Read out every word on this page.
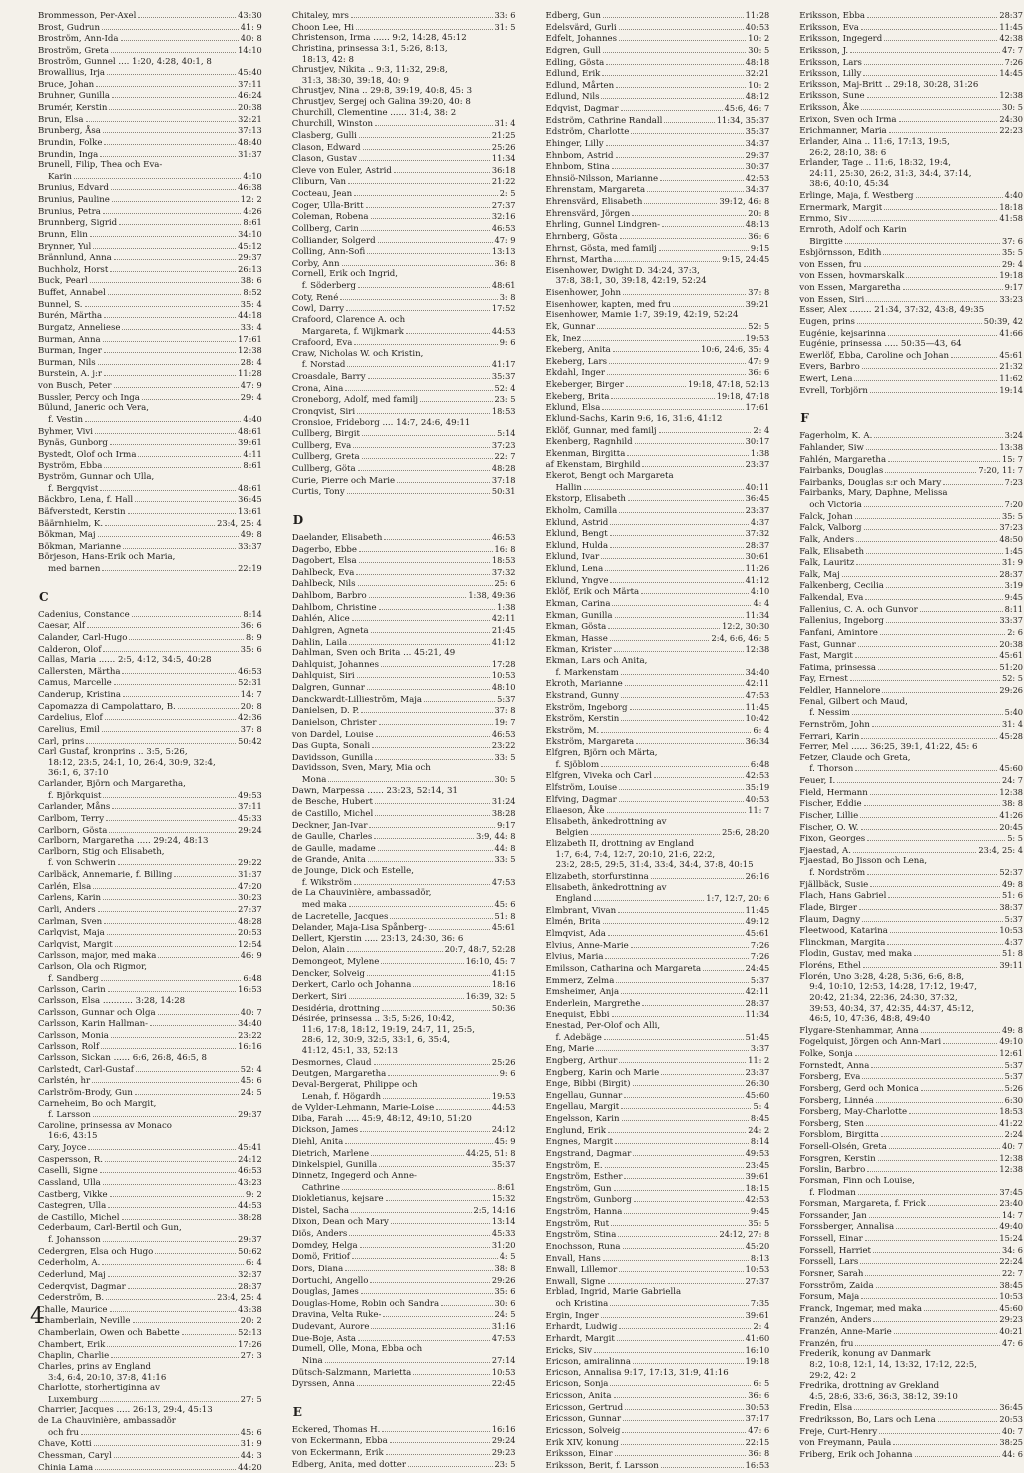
Brommesson, Per-Axel	43:30
Brost, Gudrun	41: 9
Broström, Ann-Ida	40: 8
Broström, Greta	14:10
Broström, Gunnel .... 1:20, 4:28, 40:1, 8
Browallius, Irja	45:40
Bruce, Johan	37:11
Bruhner, Gunilla	46:24
Brumér, Kerstin	20:38
Brun, Elsa	32:21
Brunberg, Åsa	37:13
Brundin, Folke	48:40
Brundin, Inga	31:37
Brunell, Filip, Thea och Eva-
Karin	4:10
Brunius, Edvard	46:38
Brunius, Pauline	12: 2
Brunius, Petra	4:26
Brunnberg, Sigrid	8:61
Brunn, Elin	34:10
Brynner, Yul	45:12
Brännlund, Anna	29:37
Buchholz, Horst	26:13
Buck, Pearl	38: 6
Buffet, Annabel	8:52
Bunnel, S.	35: 4
Burén, Märtha	44:18
Burgatz, Anneliese	33: 4
Burman, Anna	17:61
Burman, Inger	12:38
Burman, Nils	28: 4
Burstein, A. j:r	11:28
von Busch, Peter	47: 9
Bussler, Percy och Inga	29: 4
Bülund, Janeric och Vera,
f. Vestin	4:40
Byhmer, Vivi	48:61
Bynäs, Gunborg	39:61
Bystedt, Olof och Irma	4:11
Byström, Ebba	8:61
Byström, Gunnar och Ulla,
f. Bergqvist	48:61
Bäckbro, Lena, f. Hall	36:45
Bäfverstedt, Kerstin	13:61
Bäärnhielm, K.	23:4, 25: 4
Bökman, Maj	49: 8
Bökman, Marianne	33:37
Börjeson, Hans-Erik och Maria,
med barnen	22:19
C
Cadenius, Constance	8:14
Caesar, Alf	36: 6
Calander, Carl-Hugo	8: 9
Calderon, Olof	35: 6
Callas, Maria ...... 2:5, 4:12, 34:5, 40:28
Callersten, Märtha	46:53
Camus, Marcelle	52:31
Canderup, Kristina	14: 7
Capomazza di Campolattaro, B.	20: 8
Cardelius, Elof	42:36
Carelius, Emil	37: 8
Carl, prins	50:42
Carl Gustaf, kronprins .. 3:5, 5:26,
18:12, 23:5, 24:1, 10, 26:4, 30:9, 32:4,
36:1, 6, 37:10
Carlander, Björn och Margaretha,
f. Björkquist	49:53
Carlander, Måns	37:11
Carlbom, Terry	45:33
Carlborn, Gösta	29:24
Carlborn, Margaretha ..... 29:24, 48:13
Carlborn, Stig och Elisabeth,
f. von Schwerin	29:22
Carlbäck, Annemarie, f. Billing	31:37
Carlén, Elsa	47:20
Carlens, Karin	30:23
Carli, Anders	27:37
Carlman, Sven	48:28
Carlqvist, Maja	20:53
Carlqvist, Margit	12:54
Carlsson, major, med maka	46: 9
Carlson, Ola och Rigmor,
f. Sandberg	6:48
Carlsson, Carin	16:53
Carlsson, Elsa ........... 3:28, 14:28
Carlsson, Gunnar och Olga	40: 7
Carlsson, Karin Hallman-	34:40
Carlsson, Monia	23:22
Carlsson, Rolf	16:16
Carlsson, Sickan ...... 6:6, 26:8, 46:5, 8
Carlstedt, Carl-Gustaf	52: 4
Carlstén, hr	45: 6
Carlström-Brody, Gun	24: 5
Carneheim, Bo och Margit,
f. Larsson	29:37
Caroline, prinsessa av Monaco
16:6, 43:15
Cary, Joyce	45:41
Caspersson, R.	24:12
Caselli, Signe	46:53
Cassland, Ulla	43:23
Castberg, Vikke	9: 2
Castegren, Ulla	44:53
de Castillo, Michel	38:28
Cederbaum, Carl-Bertil och Gun,
f. Johansson	29:37
Cedergren, Elsa och Hugo	50:62
Cederholm, A.	6: 4
Cederlund, Maj	32:37
Cederqvist, Dagmar	28:37
Cederström, B.	23:4, 25: 4
Challe, Maurice	43:38
Chamberlain, Neville	20: 2
Chamberlain, Owen och Babette	52:13
Chambert, Erik	17:26
Chaplin, Charlie	27: 3
Charles, prins av England
3:4, 6:4, 20:10, 37:8, 41:16
Charlotte, storhertiginna av
Luxemburg	27: 5
Charrier, Jacques ..... 26:13, 29:4, 45:13
de La Chauvinière, ambassadör
och fru	45: 6
Chave, Kotti	31: 9
Chessman, Caryl	44: 3
Chinia Lama	44:20
Chitaley, mrs	33: 6
Choon Lee, Hi	31: 5
Christenson, Irma ...... 9:2, 14:28, 45:12
Christina, prinsessa 3:1, 5:26, 8:13,
18:13, 42: 8
Chrustjev, Nikita .. 9:3, 11:32, 29:8,
31:3, 38:30, 39:18, 40: 9
Chrustjev, Nina .. 29:8, 39:19, 40:8, 45: 3
Chrustjev, Sergej och Galina 39:20, 40: 8
Churchill, Clementine ...... 31:4, 38: 2
Churchill, Winston	31: 4
Clasberg, Gulli	21:25
Clason, Edward	25:26
Clason, Gustav	11:34
Cleve von Euler, Astrid	36:18
Cliburn, Van	21:22
Cocteau, Jean	2: 5
Coger, Ulla-Britt	27:37
Coleman, Robena	32:16
Collberg, Carin	46:53
Colliander, Solgerd	47: 9
Colling, Ann-Sofi	13:13
Corby, Ann	36: 8
Cornell, Erik och Ingrid,
f. Söderberg	48:61
Coty, René	3: 8
Cowl, Darry	17:52
Crafoord, Clarence A. och
Margareta, f. Wijkmark	44:53
Crafoord, Eva	9: 6
Craw, Nicholas W. och Kristin,
f. Norstad	41:17
Croasdale, Barry	35:37
Crona, Aina	52: 4
Croneborg, Adolf, med familj	23: 5
Cronqvist, Siri	18:53
Cronsioe, Frideborg .... 14:7, 24:6, 49:11
Cullberg, Birgit	5:14
Cullberg, Eva	37:23
Cullberg, Greta	22: 7
Cullberg, Göta	48:28
Curie, Pierre och Marie	37:18
Curtis, Tony	50:31
D
Daelander, Elisabeth	46:53
Dagerbo, Ebbe	16: 8
Dagobert, Elsa	18:53
Dahlbeck, Eva	37:32
Dahlbeck, Nils	25: 6
Dahlbom, Barbro	1:38, 49:36
Dahlbom, Christine	1:38
Dahlén, Alice	42:11
Dahlgren, Agneta	21:45
Dahlin, Laila	41:12
Dahlman, Sven och Brita ... 45:21, 49
Dahlquist, Johannes	17:28
Dahlquist, Siri	10:53
Dalgren, Gunnar	48:10
Danckwardt-Lillieström, Maja	5:37
Danielsen, D. P.	37: 8
Danielson, Christer	19: 7
von Dardel, Louise	46:53
Das Gupta, Sonali	23:22
Davidsson, Gunilla	33: 5
Davidsson, Sven, Mary, Mia och
Mona	30: 5
Dawn, Marpessa ...... 23:23, 52:14, 31
de Besche, Hubert	31:24
de Castillo, Michel	38:28
Deckner, Jan-Ivar	9:17
de Gaulle, Charles	3:9, 44: 8
de Gaulle, madame	44: 8
de Grande, Anita	33: 5
de Jounge, Dick och Estelle,
f. Wikström	47:53
de La Chauvinière, ambassadör,
med maka	45: 6
de Lacretelle, Jacques	51: 8
Delander, Maja-Lisa Spånberg-	45:61
Dellert, Kjerstin ..... 23:13, 24:30, 36: 6
Delon, Alain	20:7, 48:7, 52:28
Demongeot, Mylene	16:10, 45: 7
Dencker, Solveig	41:15
Derkert, Carlo och Johanna	18:16
Derkert, Siri	16:39, 32: 5
Desidéria, drottning	50:36
Désirée, prinsessa .. 3:5, 5:26, 10:42,
11:6, 17:8, 18:12, 19:19, 24:7, 11, 25:5,
28:6, 12, 30:9, 32:5, 33:1, 6, 35:4,
41:12, 45:1, 33, 52:13
Desmornes, Claud	25:26
Deutgen, Margaretha	9: 6
Deval-Bergerat, Philippe och
Lenah, f. Högardh	19:53
de Vylder-Lehmann, Marie-Loise	44:53
Diba, Farah ..... 45:9, 48:12, 49:10, 51:20
Dickson, James	24:12
Diehl, Anita	45: 9
Dietrich, Marlene	44:25, 51: 8
Dinkelspiel, Gunilla	35:37
Dinnetz, Ingegerd och Anne-
Cathrine	8:61
Diokletianus, kejsare	15:32
Distel, Sacha	2:5, 14:16
Dixon, Dean och Mary	13:14
Diös, Anders	45:33
Domdey, Helga	31:20
Domö, Fritiof	4: 5
Dors, Diana	38: 8
Dortuchi, Angello	29:26
Douglas, James	35: 6
Douglas-Home, Robin och Sandra	30: 6
Dravina, Velta Ruke-	24: 5
Dudevant, Aurore	31:16
Due-Boje, Asta	47:53
Dumell, Olle, Mona, Ebba och
Nina	27:14
Dütsch-Salzmann, Marietta	10:53
Dyrssen, Anna	22:45
E
Eckered, Thomas H.	16:16
von Eckermann, Ebba	29:24
von Eckermann, Erik	29:23
Edberg, Anita, med dotter	23: 5
Edberg, Gun	11:28
Edelsvärd, Gurli	40:53
Edfelt, Johannes	10: 2
Edgren, Gull	30: 5
Edling, Gösta	48:18
Edlund, Erik	32:21
Edlund, Mårten	10: 2
Edlund, Nils	48:12
Edqvist, Dagmar	45:6, 46: 7
Edström, Cathrine Randall	11:34, 35:37
Edström, Charlotte	35:37
Ehinger, Lilly	34:37
Ehnbom, Astrid	29:37
Ehnbom, Stina	30:37
Ehnsiö-Nilsson, Marianne	42:53
Ehrenstam, Margareta	34:37
Ehrensvärd, Elisabeth	39:12, 46: 8
Ehrensvärd, Jörgen	20: 8
Ehrling, Gunnel Lindgren-	48:13
Ehrnberg, Gösta	36: 6
Ehrnst, Gösta, med familj	9:15
Ehrnst, Martha	9:15, 24:45
Eisenhower, Dwight D. 34:24, 37:3,
37:8, 38:1, 30, 39:18, 42:19, 52:24
Eisenhower, John	37: 8
Eisenhower, kapten, med fru	39:21
Eisenhower, Mamie 1:7, 39:19, 42:19, 52:24
Ek, Gunnar	52: 5
Ek, Inez	19:53
Ekeberg, Anita	10:6, 24:6, 35: 4
Ekeberg, Lars	47: 9
Ekdahl, Inger	36: 6
Ekeberger, Birger	19:18, 47:18, 52:13
Ekeberg, Brita	19:18, 47:18
Eklund, Elsa	17:61
Eklund-Sachs, Karin 9:6, 16, 31:6, 41:12
Eklöf, Gunnar, med familj	2: 4
Ekenberg, Ragnhild	30:17
Ekenman, Birgitta	1:38
af Ekenstam, Birghild	23:37
Ekerot, Bengt och Margareta
Hallin	40:11
Ekstorp, Elisabeth	36:45
Ekholm, Camilla	23:37
Eklund, Astrid	4:37
Eklund, Bengt	37:32
Eklund, Hulda	28:37
Eklund, Ivar	30:61
Eklund, Lena	11:26
Eklund, Yngve	41:12
Eklöf, Erik och Märta	4:10
Ekman, Carina	4: 4
Ekman, Gunilla	11:34
Ekman, Gösta	12:2, 30:30
Ekman, Hasse	2:4, 6:6, 46: 5
Ekman, Krister	12:38
Ekman, Lars och Anita,
f. Markenstam	34:40
Ekroth, Marianne	42:11
Ekstrand, Gunny	47:53
Ekström, Ingeborg	11:45
Ekström, Kerstin	10:42
Ekström, M.	6: 4
Ekström, Margareta	36:34
Elfgren, Björn och Märta,
f. Sjöblom	6:48
Elfgren, Viveka och Carl	42:53
Elfström, Louise	35:19
Elfving, Dagmar	40:53
Eliaeson, Åke	11: 7
Elisabeth, änkedrottning av
Belgien	25:6, 28:20
Elizabeth II, drottning av England
1:7, 6:4, 7:4, 12:7, 20:10, 21:6, 22:2,
23:2, 28:5, 29:5, 31:4, 33:4, 34:4, 37:8, 40:15
Elizabeth, storfurstinna	26:16
Elisabeth, änkedrottning av
England	1:7, 12:7, 20: 6
Elmbrant, Vivan	11:45
Elmén, Brita	49:12
Elmqvist, Ada	45:61
Elvius, Anne-Marie	7:26
Elvius, Maria	7:26
Emilsson, Catharina och Margareta	24:45
Emmerz, Zelma	5:37
Emsheimer, Anja	42:11
Enderlein, Margrethe	28:37
Enequist, Ebbi	11:34
Enestad, Per-Olof och Alli,
f. Adebäge	51:45
Eng, Marie	3:37
Engberg, Arthur	11: 2
Engberg, Karin och Marie	23:37
Enge, Bibbi (Birgit)	26:30
Engellau, Gunnar	45:60
Engellau, Margit	5: 4
Engelsson, Karin	8:45
Englund, Erik	24: 2
Engnes, Margit	8:14
Engstrand, Dagmar	49:53
Engström, E.	23:45
Engström, Esther	39:61
Engström, Gun	18:15
Engström, Gunborg	42:53
Engström, Hanna	9:45
Engström, Rut	35: 5
Engström, Stina	24:12, 27: 8
Enochsson, Runa	45:20
Envall, Hans	8:13
Enwall, Lillemor	10:53
Enwall, Signe	27:37
Erblad, Ingrid, Marie Gabriella
och Kristina	7:35
Ergin, Inger	39:61
Erhardt, Ludwig	2: 4
Erhardt, Margit	41:60
Ericks, Siv	16:10
Ericson, amiralinna	19:18
Ericson, Annalisa 9:17, 17:13, 31:9, 41:16
Ericson, Sonja	6: 5
Ericsson, Anita	36: 6
Ericsson, Gertrud	30:53
Ericsson, Gunnar	37:17
Ericsson, Solveig	47: 6
Erik XIV, konung	22:15
Eriksson, Einar	36: 8
Eriksson, Berit, f. Larsson	16:53
Eriksson, Ebba	28:37
Eriksson, Eva	11:45
Eriksson, Ingegerd	42:38
Eriksson, J.	47: 7
Eriksson, Lars	7:26
Eriksson, Lilly	14:45
Eriksson, Maj-Britt .. 29:18, 30:28, 31:26
Eriksson, Sune	12:38
Eriksson, Åke	30: 5
Erixon, Sven och Irma	24:30
Erichmanner, Maria	22:23
Erlander, Aina .. 11:6, 17:13, 19:5,
26:2, 28:10, 38: 6
Erlander, Tage .. 11:6, 18:32, 19:4,
24:11, 25:30, 26:2, 31:3, 34:4, 37:14,
38:6, 40:10, 45:34
Erlinge, Maja, f. Westberg	4:40
Ernermark, Margit	18:18
Ernmo, Siv	41:58
Ernroth, Adolf och Karin
Birgitte	37: 6
Esbjörnsson, Edith	35: 5
von Essen, fru	29: 4
von Essen, hovmarskalk	19:18
von Essen, Margaretha	9:17
von Essen, Siri	33:23
Esser, Alex ........ 21:34, 37:32, 43:8, 49:35
Eugen, prins	50:39, 42
Eugénie, kejsarinna	41:66
Eugénie, prinsessa ..... 50:35—43, 64
Ewerlöf, Ebba, Caroline och Johan	45:61
Evers, Barbro	21:32
Ewert, Lena	11:62
Evrell, Torbjörn	19:14
F
Fagerholm, K. A.	3:24
Fahlander, Siw	13:38
Fahlén, Margaretha	15: 7
Fairbanks, Douglas	7:20, 11: 7
Fairbanks, Douglas s:r och Mary	7:23
Fairbanks, Mary, Daphne, Melissa
och Victoria	7:20
Falck, Johan	35: 5
Falck, Valborg	37:23
Falk, Anders	48:50
Falk, Elisabeth	1:45
Falk, Lauritz	31: 9
Falk, Maj	28:37
Falkenberg, Cecilia	3:19
Falkendal, Eva	9:45
Fallenius, C. A. och Gunvor	8:11
Fallenius, Ingeborg	33:37
Fanfani, Amintore	2: 6
Fast, Gunnar	20:38
Fast, Margit	45:61
Fatima, prinsessa	51:20
Fay, Ernest	52: 5
Feldler, Hannelore	29:26
Fenal, Gilbert och Maud,
f. Nessim	5:40
Fernström, John	31: 4
Ferrari, Karin	45:28
Ferrer, Mel ...... 36:25, 39:1, 41:22, 45: 6
Fetzer, Claude och Greta,
f. Thorson	45:60
Feuer, I.	24: 7
Field, Hermann	12:38
Fischer, Eddie	38: 8
Fischer, Lillie	41:26
Fischer, O. W.	20:45
Fixon, Georges	5: 5
Fjaestad, A.	23:4, 25: 4
Fjaestad, Bo Jisson och Lena,
f. Nordström	52:37
Fjällbäck, Susie	49: 8
Flach, Hans Gabriel	51: 6
Flade, Birger	38:37
Flaum, Dagny	5:37
Fleetwood, Katarina	10:53
Flinckman, Margita	4:37
Flodin, Gustav, med maka	51: 8
Floréns, Ethel	39:11
Florén, Uno 3:28, 4:28, 5:36, 6:6, 8:8,
9:4, 10:10, 12:53, 14:28, 17:12, 19:47,
20:42, 21:34, 22:36, 24:30, 37:32,
39:53, 40:34, 37, 42:35, 44:37, 45:12,
46:5, 10, 47:36, 48:8, 49:40
Flygare-Stenhammar, Anna	49: 8
Fogelquist, Jörgen och Ann-Mari	49:10
Folke, Sonja	12:61
Fornstedt, Anna	5:37
Forsberg, Eva	5:37
Forsberg, Gerd och Monica	5:26
Forsberg, Linnéa	6:30
Forsberg, May-Charlotte	18:53
Forsberg, Sten	41:22
Forsblom, Birgitta	2:24
Forsell-Olsén, Greta	40: 7
Forsgren, Kerstin	12:38
Forslin, Barbro	12:38
Forsman, Finn och Louise,
f. Flodman	37:45
Forsman, Margareta, f. Frick	23:40
Forssander, Jan	14: 7
Forssberger, Annalisa	49:40
Forssell, Einar	15:24
Forssell, Harriet	34: 6
Forssell, Lars	22:24
Forsner, Sarah	22: 7
Forsström, Zaida	38:45
Forsum, Maja	10:53
Franck, Ingemar, med maka	45:60
Franzén, Anders	29:23
Franzén, Anne-Marie	40:21
Franzén, fru	47: 6
Frederik, konung av Danmark
8:2, 10:8, 12:1, 14, 13:32, 17:12, 22:5,
29:2, 42: 2
Fredrika, drottning av Grekland
4:5, 28:6, 33:6, 36:3, 38:12, 39:10
Fredin, Elsa	36:45
Fredriksson, Bo, Lars och Lena	20:53
Freje, Curt-Henry	40: 7
von Freymann, Paula	38:25
Friberg, Erik och Johanna	44: 6
4
